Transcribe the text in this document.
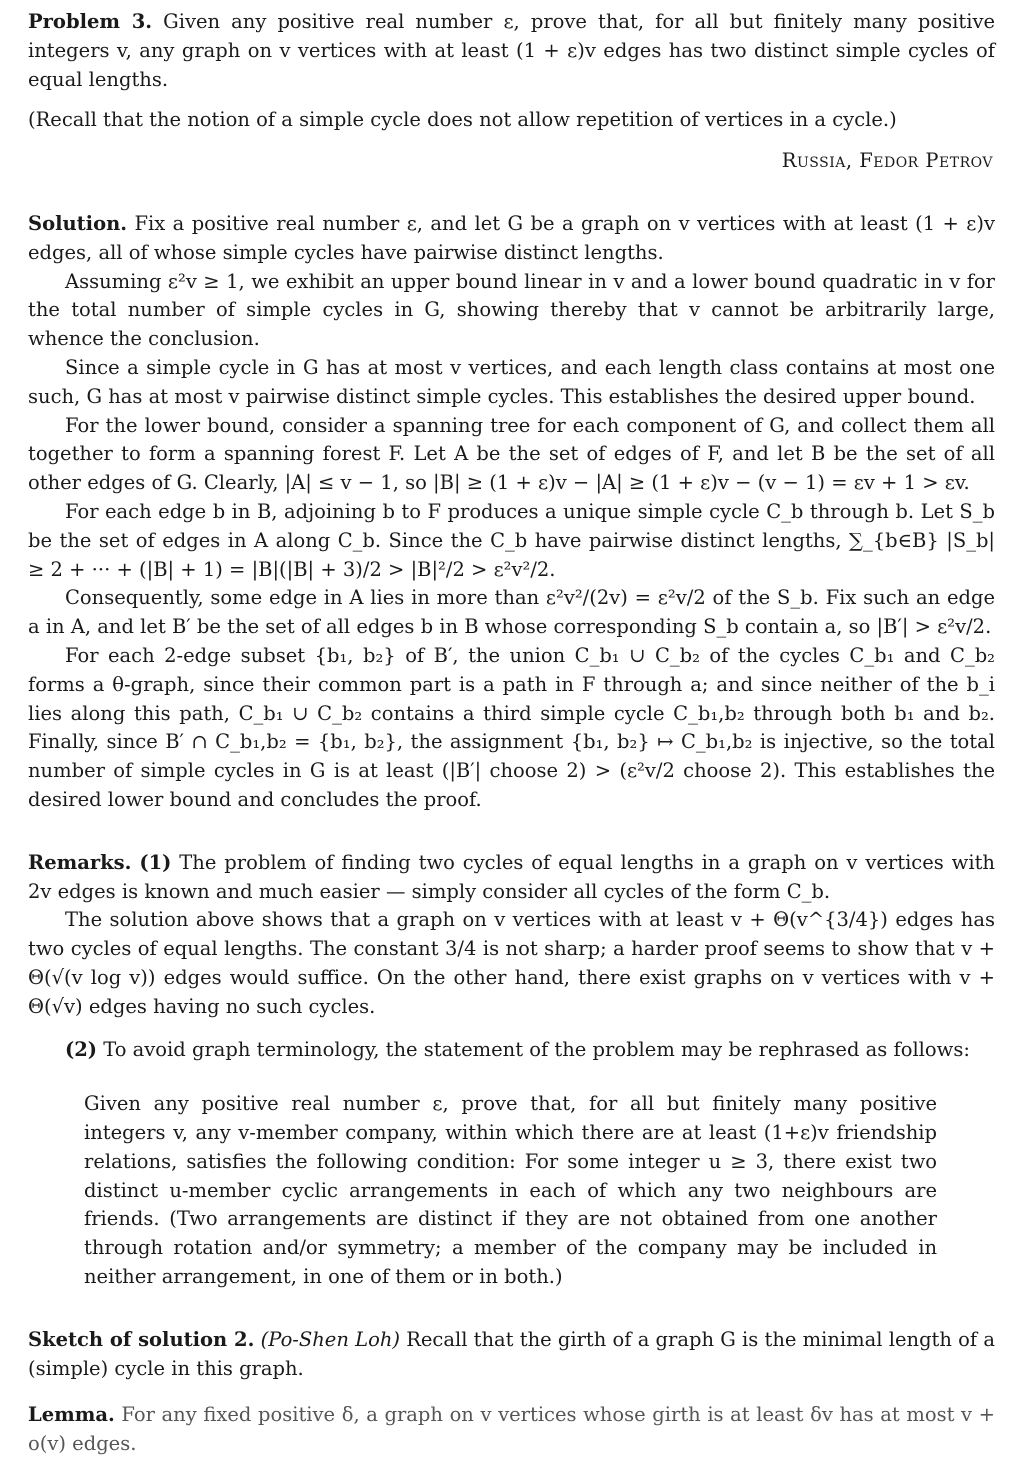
Problem 3. Given any positive real number ε, prove that, for all but finitely many positive integers v, any graph on v vertices with at least (1 + ε)v edges has two distinct simple cycles of equal lengths.

(Recall that the notion of a simple cycle does not allow repetition of vertices in a cycle.)

Russia, Fedor Petrov

Solution. Fix a positive real number ε, and let G be a graph on v vertices with at least (1 + ε)v edges, all of whose simple cycles have pairwise distinct lengths.

Assuming ε²v ≥ 1, we exhibit an upper bound linear in v and a lower bound quadratic in v for the total number of simple cycles in G, showing thereby that v cannot be arbitrarily large, whence the conclusion.

Since a simple cycle in G has at most v vertices, and each length class contains at most one such, G has at most v pairwise distinct simple cycles. This establishes the desired upper bound.

For the lower bound, consider a spanning tree for each component of G, and collect them all together to form a spanning forest F. Let A be the set of edges of F, and let B be the set of all other edges of G. Clearly, |A| ≤ v − 1, so |B| ≥ (1 + ε)v − |A| ≥ (1 + ε)v − (v − 1) = εv + 1 > εv.

For each edge b in B, adjoining b to F produces a unique simple cycle C_b through b. Let S_b be the set of edges in A along C_b. Since the C_b have pairwise distinct lengths, ∑_{b∈B} |S_b| ≥ 2 + ··· + (|B| + 1) = |B|(|B| + 3)/2 > |B|²/2 > ε²v²/2.

Consequently, some edge in A lies in more than ε²v²/(2v) = ε²v/2 of the S_b. Fix such an edge a in A, and let B′ be the set of all edges b in B whose corresponding S_b contain a, so |B′| > ε²v/2.

For each 2-edge subset {b₁, b₂} of B′, the union C_b₁ ∪ C_b₂ of the cycles C_b₁ and C_b₂ forms a θ-graph, since their common part is a path in F through a; and since neither of the b_i lies along this path, C_b₁ ∪ C_b₂ contains a third simple cycle C_b₁,b₂ through both b₁ and b₂. Finally, since B′ ∩ C_b₁,b₂ = {b₁, b₂}, the assignment {b₁, b₂} ↦ C_b₁,b₂ is injective, so the total number of simple cycles in G is at least (|B′| choose 2) > (ε²v/2 choose 2). This establishes the desired lower bound and concludes the proof.

Remarks. (1) The problem of finding two cycles of equal lengths in a graph on v vertices with 2v edges is known and much easier — simply consider all cycles of the form C_b.

The solution above shows that a graph on v vertices with at least v + Θ(v^{3/4}) edges has two cycles of equal lengths. The constant 3/4 is not sharp; a harder proof seems to show that v + Θ(√(v log v)) edges would suffice. On the other hand, there exist graphs on v vertices with v + Θ(√v) edges having no such cycles.

(2) To avoid graph terminology, the statement of the problem may be rephrased as follows:

Given any positive real number ε, prove that, for all but finitely many positive integers v, any v-member company, within which there are at least (1+ε)v friendship relations, satisfies the following condition: For some integer u ≥ 3, there exist two distinct u-member cyclic arrangements in each of which any two neighbours are friends. (Two arrangements are distinct if they are not obtained from one another through rotation and/or symmetry; a member of the company may be included in neither arrangement, in one of them or in both.)

Sketch of solution 2. (Po-Shen Loh) Recall that the girth of a graph G is the minimal length of a (simple) cycle in this graph.

Lemma. For any fixed positive δ, a graph on v vertices whose girth is at least δv has at most v + o(v) edges.
